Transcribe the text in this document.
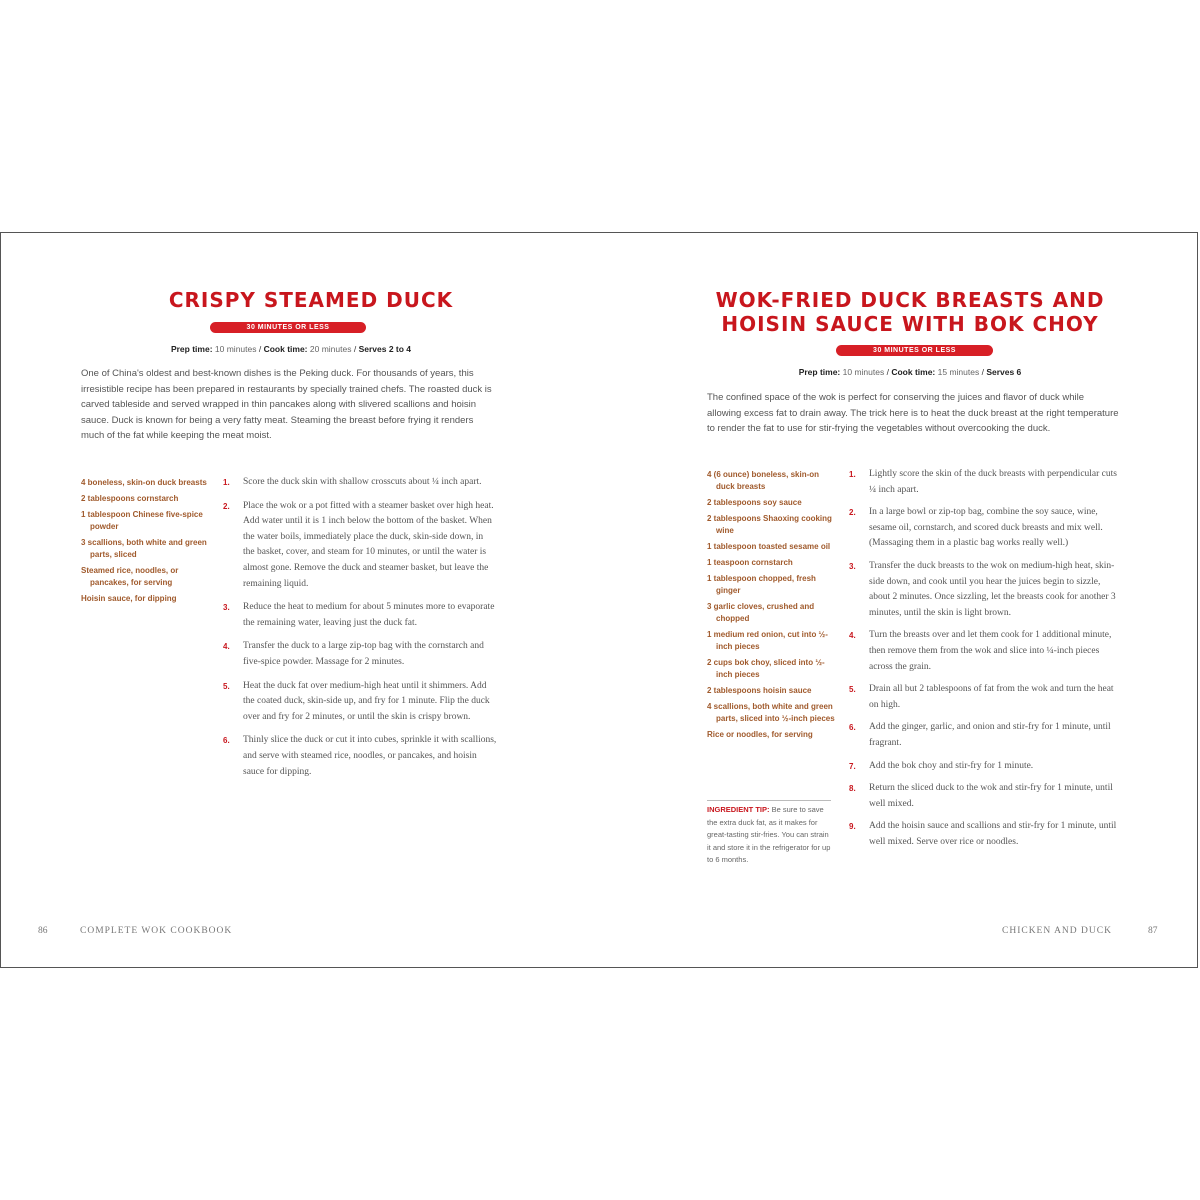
CRISPY STEAMED DUCK
30 MINUTES OR LESS
Prep time: 10 minutes / Cook time: 20 minutes / Serves 2 to 4

One of China's oldest and best-known dishes is the Peking duck. For thousands of years, this irresistible recipe has been prepared in restaurants by specially trained chefs. The roasted duck is carved tableside and served wrapped in thin pancakes along with slivered scallions and hoisin sauce. Duck is known for being a very fatty meat. Steaming the breast before frying it renders much of the fat while keeping the meat moist.

4 boneless, skin-on duck breasts
2 tablespoons cornstarch
1 tablespoon Chinese five-spice powder
3 scallions, both white and green parts, sliced
Steamed rice, noodles, or pancakes, for serving
Hoisin sauce, for dipping
1. Score the duck skin with shallow crosscuts about ¼ inch apart.
2. Place the wok or a pot fitted with a steamer basket over high heat. Add water until it is 1 inch below the bottom of the basket. When the water boils, immediately place the duck, skin-side down, in the basket, cover, and steam for 10 minutes, or until the water is almost gone. Remove the duck and steamer basket, but leave the remaining liquid.
3. Reduce the heat to medium for about 5 minutes more to evaporate the remaining water, leaving just the duck fat.
4. Transfer the duck to a large zip-top bag with the cornstarch and five-spice powder. Massage for 2 minutes.
5. Heat the duck fat over medium-high heat until it shimmers. Add the coated duck, skin-side up, and fry for 1 minute. Flip the duck over and fry for 2 minutes, or until the skin is crispy brown.
6. Thinly slice the duck or cut it into cubes, sprinkle it with scallions, and serve with steamed rice, noodles, or pancakes, and hoisin sauce for dipping.
86	COMPLETE WOK COOKBOOK
WOK-FRIED DUCK BREASTS AND
HOISIN SAUCE WITH BOK CHOY
30 MINUTES OR LESS
Prep time: 10 minutes / Cook time: 15 minutes / Serves 6

The confined space of the wok is perfect for conserving the juices and flavor of duck while allowing excess fat to drain away. The trick here is to heat the duck breast at the right temperature to render the fat to use for stir-frying the vegetables without overcooking the duck.

4 (6 ounce) boneless, skin-on duck breasts
2 tablespoons soy sauce
2 tablespoons Shaoxing cooking wine
1 tablespoon toasted sesame oil
1 teaspoon cornstarch
1 tablespoon chopped, fresh ginger
3 garlic cloves, crushed and chopped
1 medium red onion, cut into ½-inch pieces
2 cups bok choy, sliced into ½-inch pieces
2 tablespoons hoisin sauce
4 scallions, both white and green parts, sliced into ½-inch pieces
Rice or noodles, for serving
INGREDIENT TIP: Be sure to save the extra duck fat, as it makes for great-tasting stir-fries. You can strain it and store it in the refrigerator for up to 6 months.
1. Lightly score the skin of the duck breasts with perpendicular cuts ¼ inch apart.
2. In a large bowl or zip-top bag, combine the soy sauce, wine, sesame oil, cornstarch, and scored duck breasts and mix well. (Massaging them in a plastic bag works really well.)
3. Transfer the duck breasts to the wok on medium-high heat, skin-side down, and cook until you hear the juices begin to sizzle, about 2 minutes. Once sizzling, let the breasts cook for another 3 minutes, until the skin is light brown.
4. Turn the breasts over and let them cook for 1 additional minute, then remove them from the wok and slice into ¼-inch pieces across the grain.
5. Drain all but 2 tablespoons of fat from the wok and turn the heat on high.
6. Add the ginger, garlic, and onion and stir-fry for 1 minute, until fragrant.
7. Add the bok choy and stir-fry for 1 minute.
8. Return the sliced duck to the wok and stir-fry for 1 minute, until well mixed.
9. Add the hoisin sauce and scallions and stir-fry for 1 minute, until well mixed. Serve over rice or noodles.
CHICKEN AND DUCK	87
